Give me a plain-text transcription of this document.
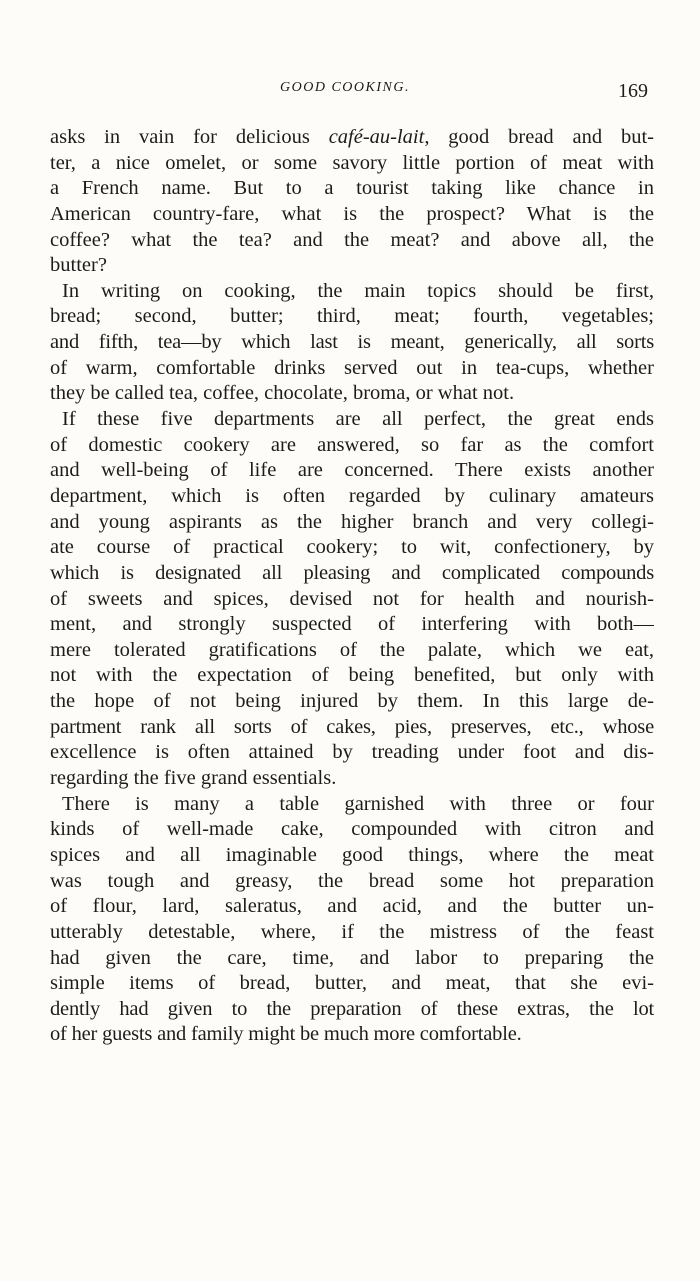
GOOD COOKING.	169
asks in vain for delicious café-au-lait, good bread and but-
ter, a nice omelet, or some savory little portion of meat with
a French name. But to a tourist taking like chance in
American country-fare, what is the prospect? What is the
coffee? what the tea? and the meat? and above all, the
butter?
In writing on cooking, the main topics should be first,
bread; second, butter; third, meat; fourth, vegetables;
and fifth, tea—by which last is meant, generically, all sorts
of warm, comfortable drinks served out in tea-cups, whether
they be called tea, coffee, chocolate, broma, or what not.
If these five departments are all perfect, the great ends
of domestic cookery are answered, so far as the comfort
and well-being of life are concerned. There exists another
department, which is often regarded by culinary amateurs
and young aspirants as the higher branch and very collegi-
ate course of practical cookery; to wit, confectionery, by
which is designated all pleasing and complicated compounds
of sweets and spices, devised not for health and nourish-
ment, and strongly suspected of interfering with both—
mere tolerated gratifications of the palate, which we eat,
not with the expectation of being benefited, but only with
the hope of not being injured by them. In this large de-
partment rank all sorts of cakes, pies, preserves, etc., whose
excellence is often attained by treading under foot and dis-
regarding the five grand essentials.
There is many a table garnished with three or four
kinds of well-made cake, compounded with citron and
spices and all imaginable good things, where the meat
was tough and greasy, the bread some hot preparation
of flour, lard, saleratus, and acid, and the butter un-
utterably detestable, where, if the mistress of the feast
had given the care, time, and labor to preparing the
simple items of bread, butter, and meat, that she evi-
dently had given to the preparation of these extras, the lot
of her guests and family might be much more comfortable.
